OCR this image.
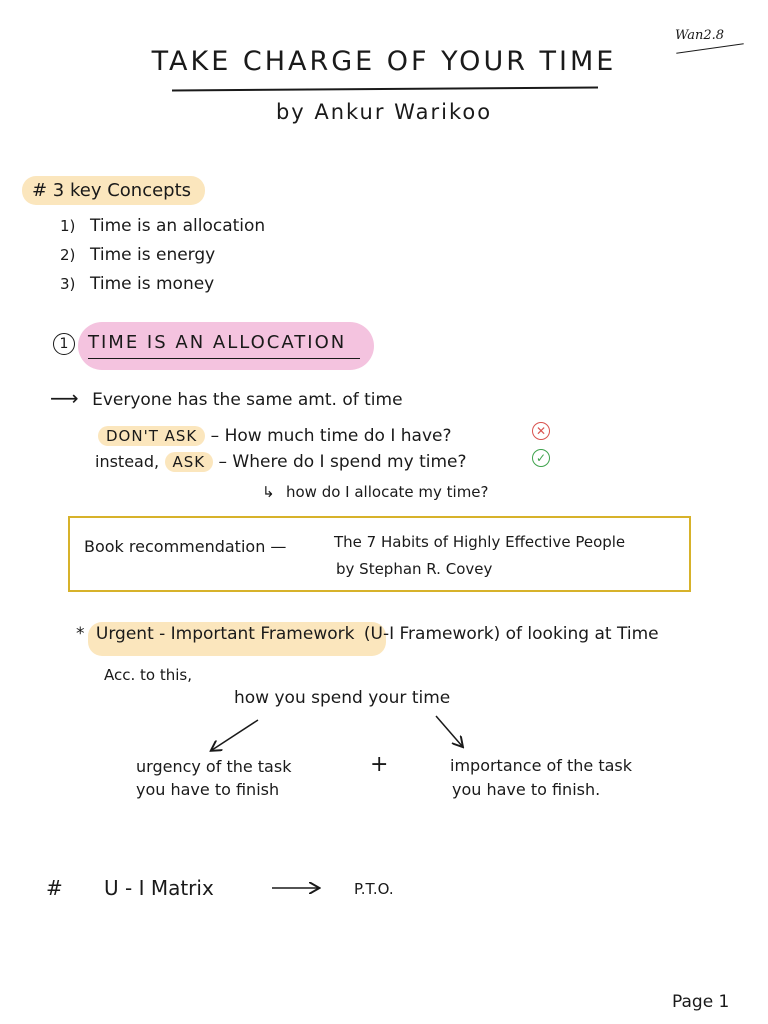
Wan2.8
TAKE CHARGE OF YOUR TIME
by Ankur Warikoo
# 3 key Concepts
1) Time is an allocation
2) Time is energy
3) Time is money
1	TIME IS AN ALLOCATION
⟶ Everyone has the same amt. of time
DON'T ASK – How much time do I have?	✕
instead, ASK – Where do I spend my time?	✓
↳ how do I allocate my time?
Book recommendation —	The 7 Habits of Highly Effective People
by Stephan R. Covey
* Urgent - Important Framework (U-I Framework) of looking at Time
Acc. to this,
how you spend your time
urgency of the task
you have to finish
+	importance of the task
you have to finish.
# U - I Matrix	P.T.O.
Page 1
